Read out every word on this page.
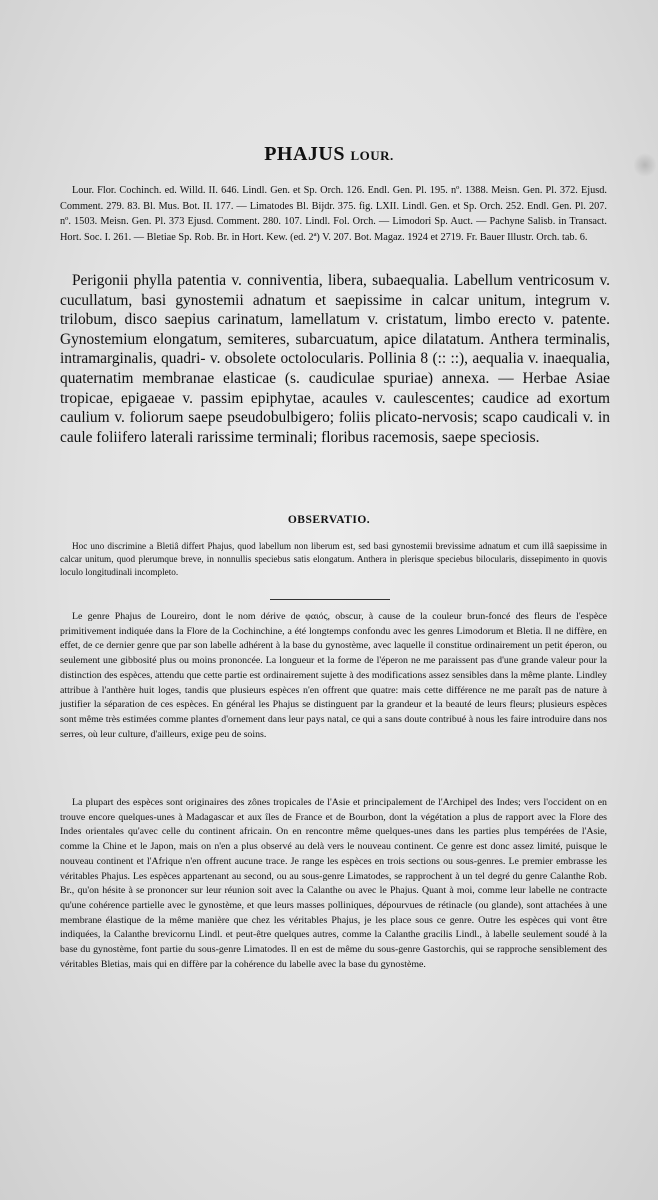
PHAJUS LOUR.

Lour. Flor. Cochinch. ed. Willd. II. 646. Lindl. Gen. et Sp. Orch. 126. Endl. Gen. Pl. 195. nº. 1388. Meisn. Gen. Pl. 372. Ejusd. Comment. 279. 83. Bl. Mus. Bot. II. 177. — Limatodes Bl. Bijdr. 375. fig. LXII. Lindl. Gen. et Sp. Orch. 252. Endl. Gen. Pl. 207. nº. 1503. Meisn. Gen. Pl. 373 Ejusd. Comment. 280. 107. Lindl. Fol. Orch. — Limodori Sp. Auct. — Pachyne Salisb. in Transact. Hort. Soc. I. 261. — Bletiae Sp. Rob. Br. in Hort. Kew. (ed. 2ª) V. 207. Bot. Magaz. 1924 et 2719. Fr. Bauer Illustr. Orch. tab. 6.

Perigonii phylla patentia v. conniventia, libera, subaequalia. Labellum ventricosum v. cucullatum, basi gynostemii adnatum et saepissime in calcar unitum, integrum v. trilobum, disco saepius carinatum, lamellatum v. cristatum, limbo erecto v. patente. Gynostemium elongatum, semiteres, subarcuatum, apice dilatatum. Anthera terminalis, intramarginalis, quadri- v. obsolete octolocularis. Pollinia 8 (:: ::), aequalia v. inaequalia, quaternatim membranae elasticae (s. caudiculae spuriae) annexa. — Herbae Asiae tropicae, epigaeae v. passim epiphytae, acaules v. caulescentes; caudice ad exortum caulium v. foliorum saepe pseudobulbigero; foliis plicato-nervosis; scapo caudicali v. in caule foliifero laterali rarissime terminali; floribus racemosis, saepe speciosis.

OBSERVATIO.

Hoc uno discrimine a Bletiâ differt Phajus, quod labellum non liberum est, sed basi gynostemii brevissime adnatum et cum illâ saepissime in calcar unitum, quod plerumque breve, in nonnullis speciebus satis elongatum. Anthera in plerisque speciebus bilocularis, dissepimento in quovis loculo longitudinali incompleto.

Le genre Phajus de Loureiro, dont le nom dérive de φαιός, obscur, à cause de la couleur brun-foncé des fleurs de l'espèce primitivement indiquée dans la Flore de la Cochinchine, a été longtemps confondu avec les genres Limodorum et Bletia. Il ne diffère, en effet, de ce dernier genre que par son labelle adhérent à la base du gynostème, avec laquelle il constitue ordinairement un petit éperon, ou seulement une gibbosité plus ou moins prononcée. La longueur et la forme de l'éperon ne me paraissent pas d'une grande valeur pour la distinction des espèces, attendu que cette partie est ordinairement sujette à des modifications assez sensibles dans la même plante. Lindley attribue à l'anthère huit loges, tandis que plusieurs espèces n'en offrent que quatre: mais cette différence ne me paraît pas de nature à justifier la séparation de ces espèces. En général les Phajus se distinguent par la grandeur et la beauté de leurs fleurs; plusieurs espèces sont même très estimées comme plantes d'ornement dans leur pays natal, ce qui a sans doute contribué à nous les faire introduire dans nos serres, où leur culture, d'ailleurs, exige peu de soins.

La plupart des espèces sont originaires des zônes tropicales de l'Asie et principalement de l'Archipel des Indes; vers l'occident on en trouve encore quelques-unes à Madagascar et aux îles de France et de Bourbon, dont la végétation a plus de rapport avec la Flore des Indes orientales qu'avec celle du continent africain. On en rencontre même quelques-unes dans les parties plus tempérées de l'Asie, comme la Chine et le Japon, mais on n'en a plus observé au delà vers le nouveau continent. Ce genre est donc assez limité, puisque le nouveau continent et l'Afrique n'en offrent aucune trace. Je range les espèces en trois sections ou sous-genres. Le premier embrasse les véritables Phajus. Les espèces appartenant au second, ou au sous-genre Limatodes, se rapprochent à un tel degré du genre Calanthe Rob. Br., qu'on hésite à se prononcer sur leur réunion soit avec la Calanthe ou avec le Phajus. Quant à moi, comme leur labelle ne contracte qu'une cohérence partielle avec le gynostème, et que leurs masses polliniques, dépourvues de rétinacle (ou glande), sont attachées à une membrane élastique de la même manière que chez les véritables Phajus, je les place sous ce genre. Outre les espèces qui vont être indiquées, la Calanthe brevicornu Lindl. et peut-être quelques autres, comme la Calanthe gracilis Lindl., à labelle seulement soudé à la base du gynostème, font partie du sous-genre Limatodes. Il en est de même du sous-genre Gastorchis, qui se rapproche sensiblement des véritables Bletias, mais qui en diffère par la cohérence du labelle avec la base du gynostème.
